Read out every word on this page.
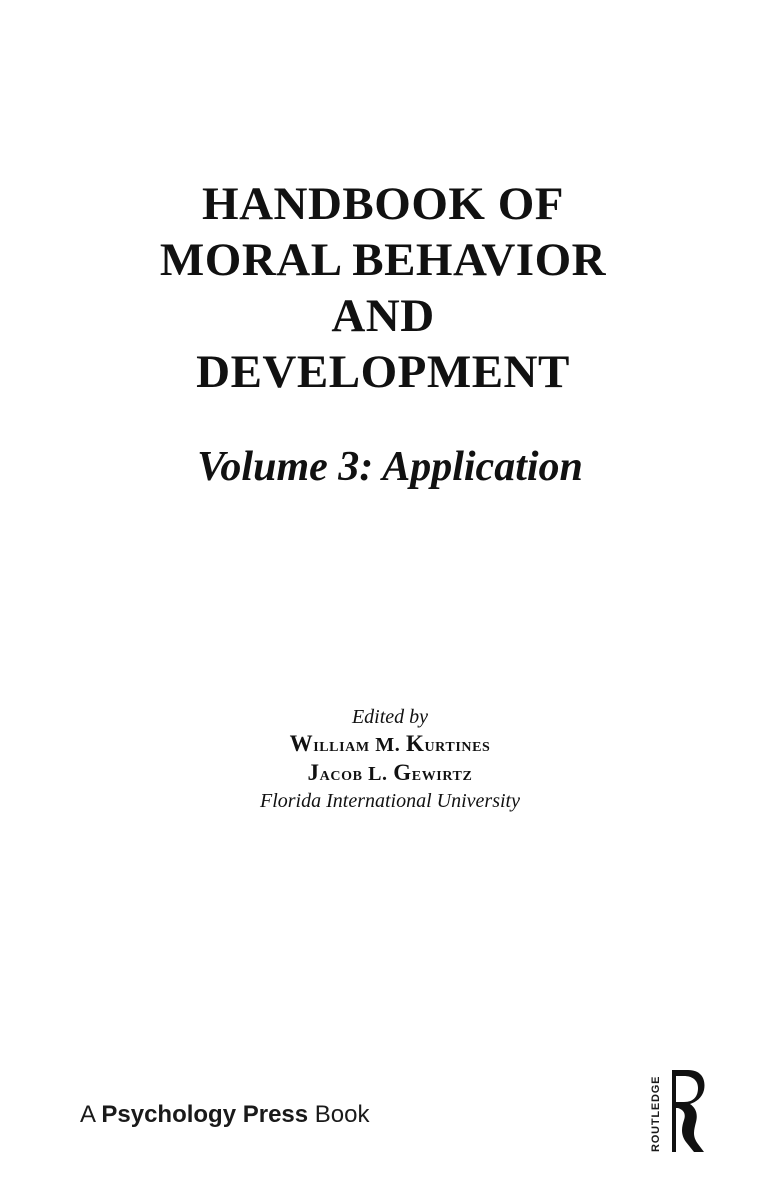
HANDBOOK OF
MORAL BEHAVIOR
AND
DEVELOPMENT
Volume 3: Application
Edited by
William M. Kurtines
Jacob L. Gewirtz
Florida International University
A Psychology Press Book	ROUTLEDGE
